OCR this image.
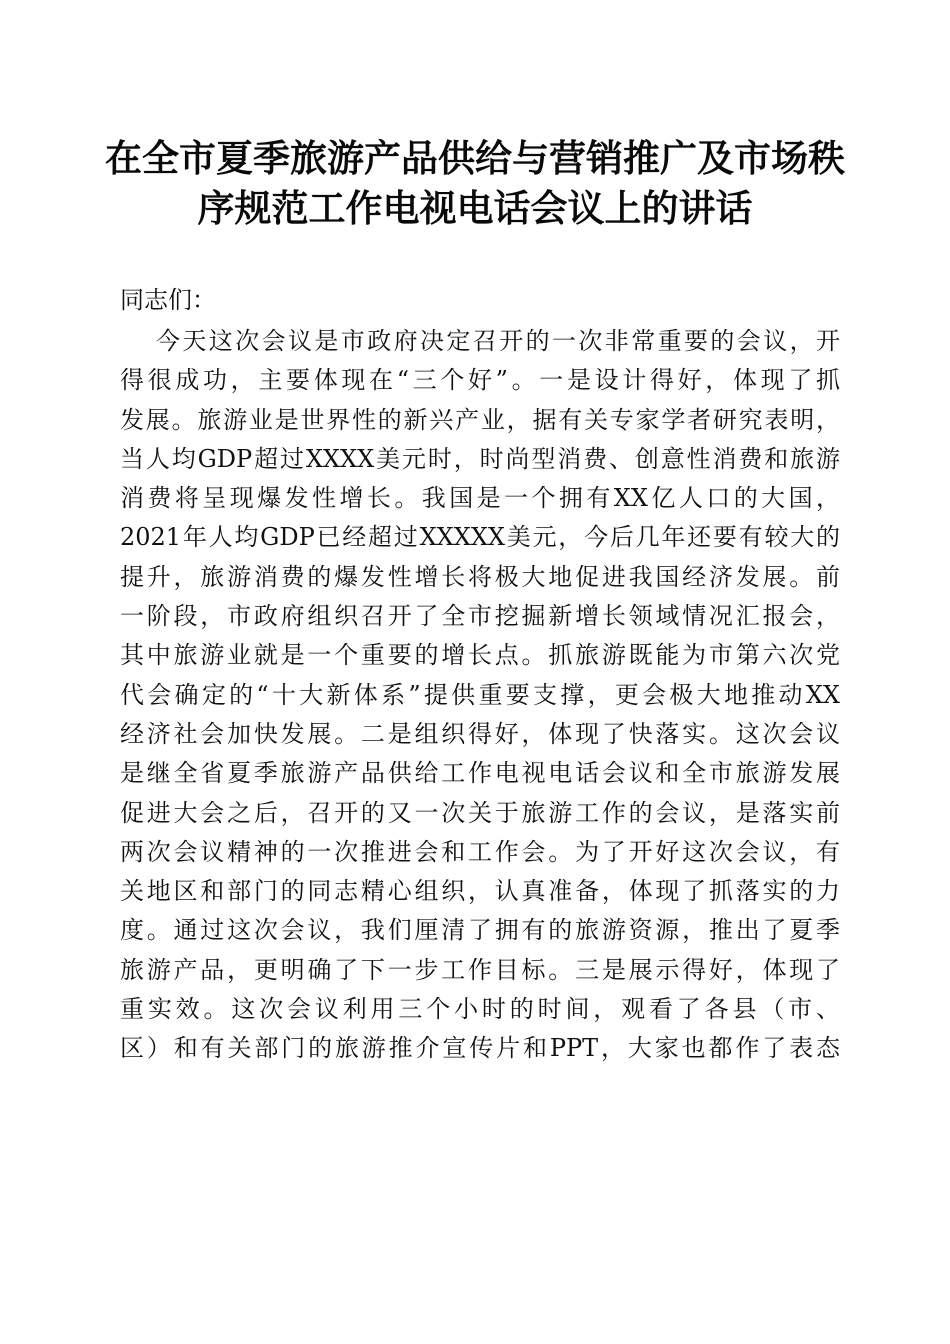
在全市夏季旅游产品供给与营销推广及市场秩
序规范工作电视电话会议上的讲话
同志们：
今天这次会议是市政府决定召开的一次非常重要的会议，开
得很成功，主要体现在“三个好”。一是设计得好，体现了抓
发展。旅游业是世界性的新兴产业，据有关专家学者研究表明，
当人均GDP超过XXXX美元时，时尚型消费、创意性消费和旅游
消费将呈现爆发性增长。我国是一个拥有XX亿人口的大国，
2021年人均GDP已经超过XXXXX美元，今后几年还要有较大的
提升，旅游消费的爆发性增长将极大地促进我国经济发展。前
一阶段，市政府组织召开了全市挖掘新增长领域情况汇报会，
其中旅游业就是一个重要的增长点。抓旅游既能为市第六次党
代会确定的“十大新体系”提供重要支撑，更会极大地推动XX
经济社会加快发展。二是组织得好，体现了快落实。这次会议
是继全省夏季旅游产品供给工作电视电话会议和全市旅游发展
促进大会之后，召开的又一次关于旅游工作的会议，是落实前
两次会议精神的一次推进会和工作会。为了开好这次会议，有
关地区和部门的同志精心组织，认真准备，体现了抓落实的力
度。通过这次会议，我们厘清了拥有的旅游资源，推出了夏季
旅游产品，更明确了下一步工作目标。三是展示得好，体现了
重实效。这次会议利用三个小时的时间，观看了各县（市、
区）和有关部门的旅游推介宣传片和PPT，大家也都作了表态
